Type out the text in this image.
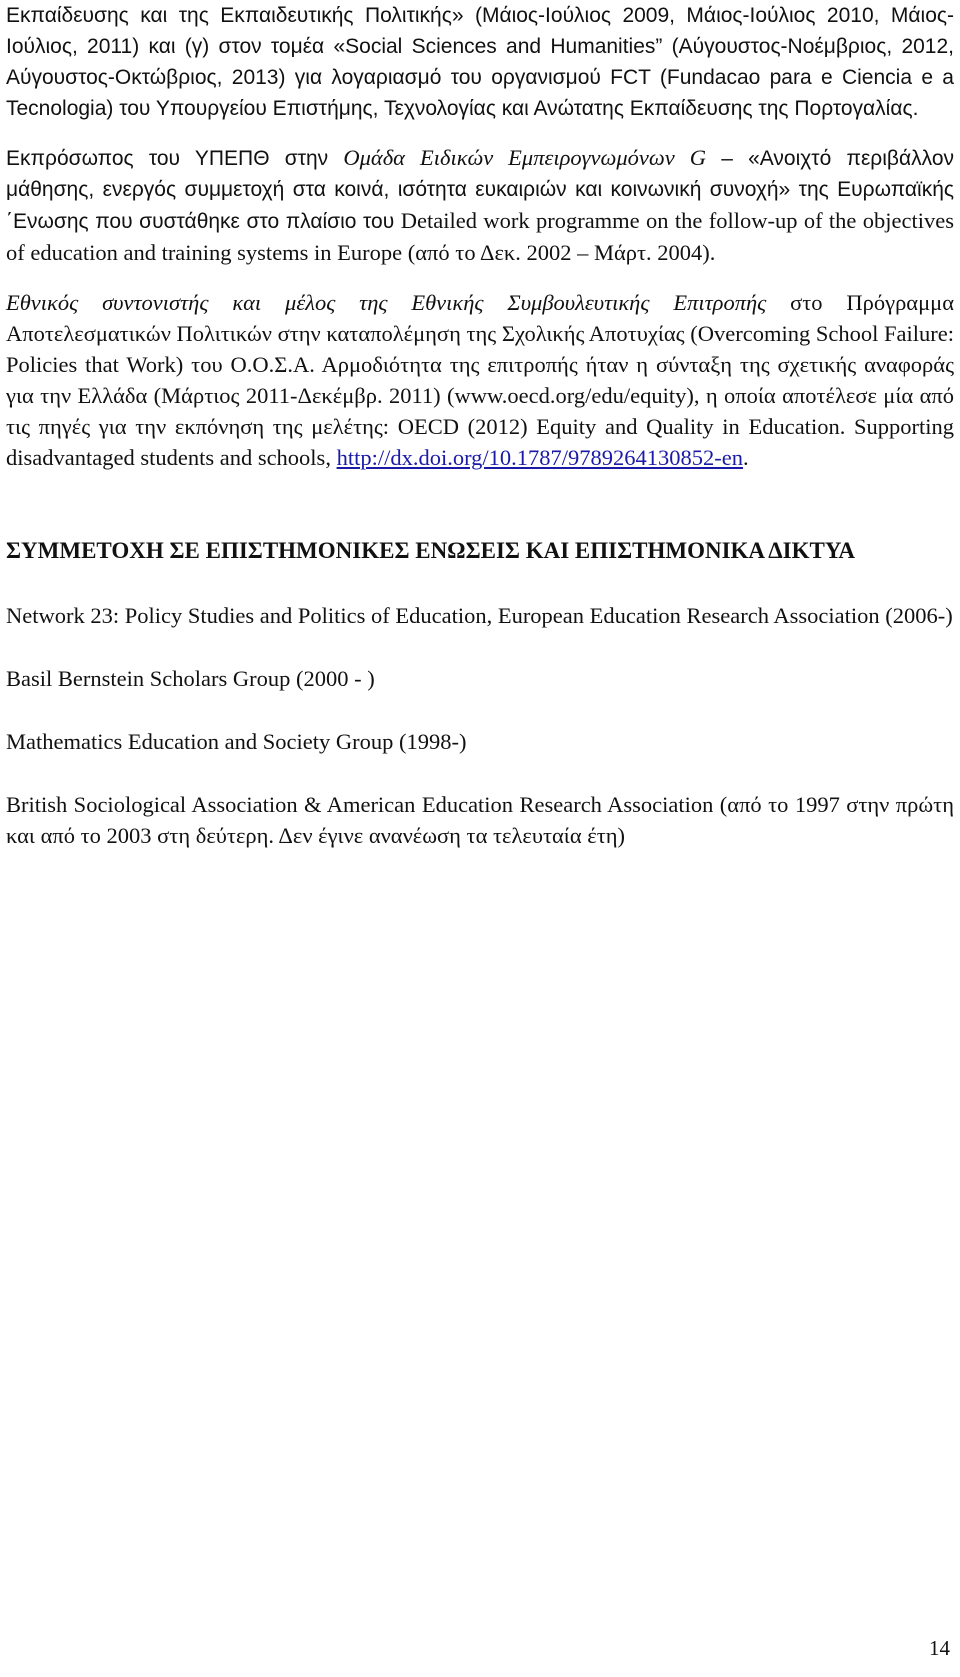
Εκπαίδευσης και της Εκπαιδευτικής Πολιτικής» (Μάιος-Ιούλιος 2009, Μάιος-Ιούλιος 2010, Μάιος-Ιούλιος, 2011) και (γ) στον τομέα «Social Sciences and Humanities” (Αύγουστος-Νοέμβριος, 2012, Αύγουστος-Οκτώβριος, 2013) για λογαριασμό του οργανισμού FCT (Fundacao para e Ciencia e a Tecnologia) του Υπουργείου Επιστήμης, Τεχνολογίας και Ανώτατης Εκπαίδευσης της Πορτογαλίας.

Εκπρόσωπος του ΥΠΕΠΘ στην Ομάδα Ειδικών Εμπειρογνωμόνων G – «Ανοιχτό περιβάλλον μάθησης, ενεργός συμμετοχή στα κοινά, ισότητα ευκαιριών και κοινωνική συνοχή» της Ευρωπαϊκής ΄Ενωσης που συστάθηκε στο πλαίσιο του Detailed work programme on the follow-up of the objectives of education and training systems in Europe (από το Δεκ. 2002 – Μάρτ. 2004).

Εθνικός συντονιστής και μέλος της Εθνικής Συμβουλευτικής Επιτροπής στο Πρόγραμμα Αποτελεσματικών Πολιτικών στην καταπολέμηση της Σχολικής Αποτυχίας (Overcoming School Failure: Policies that Work) του Ο.Ο.Σ.Α. Αρμοδιότητα της επιτροπής ήταν η σύνταξη της σχετικής αναφοράς για την Ελλάδα (Μάρτιος 2011-Δεκέμβρ. 2011) (www.oecd.org/edu/equity), η οποία αποτέλεσε μία από τις πηγές για την εκπόνηση της μελέτης: OECD (2012) Equity and Quality in Education. Supporting disadvantaged students and schools, http://dx.doi.org/10.1787/9789264130852-en.

ΣΥΜΜΕΤΟΧΗ ΣΕ ΕΠΙΣΤΗΜΟΝΙΚΕΣ ΕΝΩΣΕΙΣ ΚΑΙ ΕΠΙΣΤΗΜΟΝΙΚΑ ΔΙΚΤΥΑ

Network 23: Policy Studies and Politics of Education, European Education Research Association (2006-)

Basil Bernstein Scholars Group (2000 - )

Mathematics Education and Society Group (1998-)

British Sociological Association & American Education Research Association (από το 1997 στην πρώτη και από το 2003 στη δεύτερη. Δεν έγινε ανανέωση τα τελευταία έτη)

14
